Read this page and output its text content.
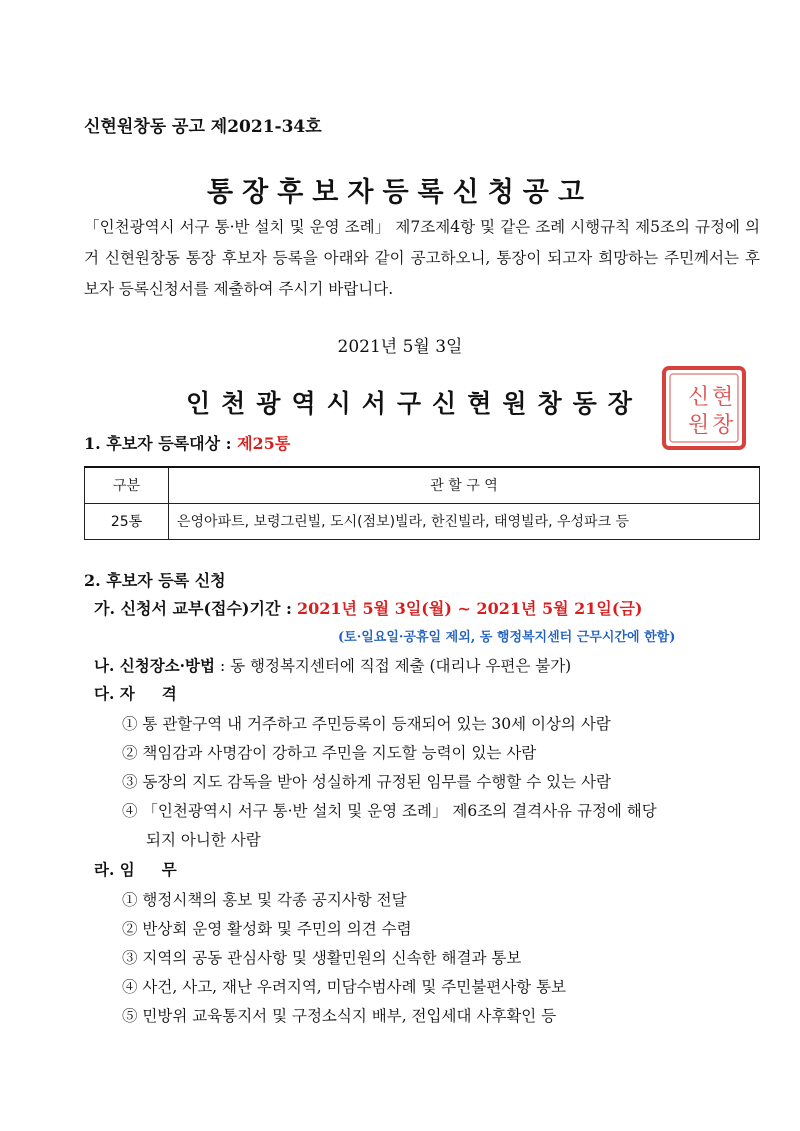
신현원창동 공고 제2021-34호
통장후보자등록신청공고
「인천광역시 서구 통·반 설치 및 운영 조례」 제7조제4항 및 같은 조례 시행규칙 제5조의 규정에 의거 신현원창동 통장 후보자 등록을 아래와 같이 공고하오니, 통장이 되고자 희망하는 주민께서는 후보자 등록신청서를 제출하여 주시기 바랍니다.
2021년 5월 3일
인천광역시서구신현원창동장 신 현
원 창
1. 후보자 등록대상 : 제25통
구분	관 할 구 역
25통	은영아파트, 보령그린빌, 도시(점보)빌라, 한진빌라, 태영빌라, 우성파크 등
2. 후보자 등록 신청
가. 신청서 교부(접수)기간 : 2021년 5월 3일(월) ~ 2021년 5월 21일(금)
(토·일요일·공휴일 제외, 동 행정복지센터 근무시간에 한함)
나. 신청장소·방법 : 동 행정복지센터에 직접 제출 (대리나 우편은 불가)
다. 자     격
① 통 관할구역 내 거주하고 주민등록이 등재되어 있는 30세 이상의 사람
② 책임감과 사명감이 강하고 주민을 지도할 능력이 있는 사람
③ 동장의 지도 감독을 받아 성실하게 규정된 임무를 수행할 수 있는 사람
④ 「인천광역시 서구 통·반 설치 및 운영 조례」 제6조의 결격사유 규정에 해당
되지 아니한 사람
라. 임     무
① 행정시책의 홍보 및 각종 공지사항 전달
② 반상회 운영 활성화 및 주민의 의견 수렴
③ 지역의 공동 관심사항 및 생활민원의 신속한 해결과 통보
④ 사건, 사고, 재난 우려지역, 미담수범사례 및 주민불편사항 통보
⑤ 민방위 교육통지서 및 구정소식지 배부, 전입세대 사후확인 등
